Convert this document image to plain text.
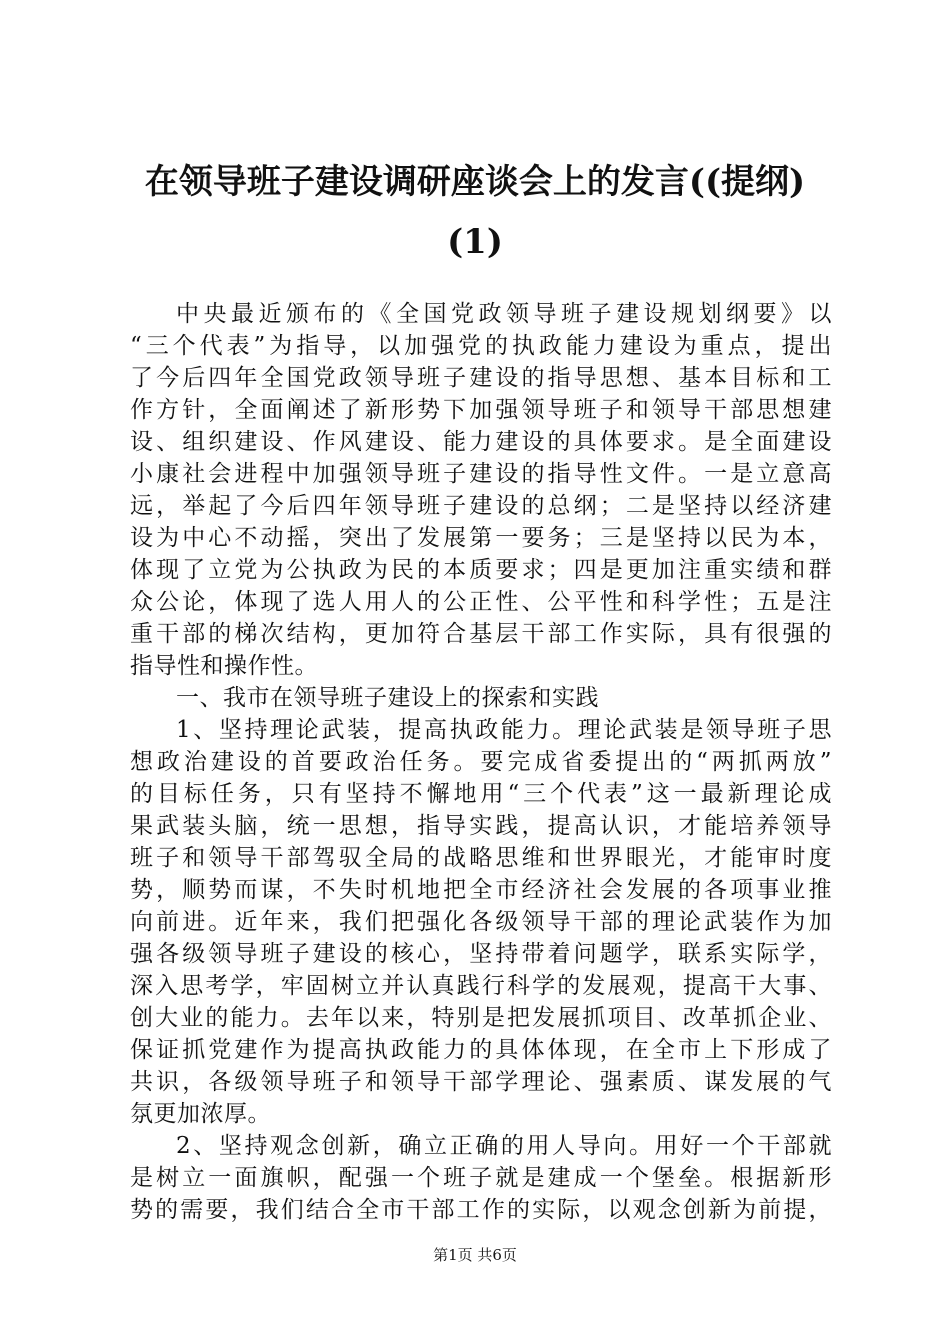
在领导班子建设调研座谈会上的发言((提纲)
(1)
中央最近颁布的《全国党政领导班子建设规划纲要》以
“三个代表”为指导，以加强党的执政能力建设为重点，提出
了今后四年全国党政领导班子建设的指导思想、基本目标和工
作方针，全面阐述了新形势下加强领导班子和领导干部思想建
设、组织建设、作风建设、能力建设的具体要求。是全面建设
小康社会进程中加强领导班子建设的指导性文件。一是立意高
远，举起了今后四年领导班子建设的总纲；二是坚持以经济建
设为中心不动摇，突出了发展第一要务；三是坚持以民为本，
体现了立党为公执政为民的本质要求；四是更加注重实绩和群
众公论，体现了选人用人的公正性、公平性和科学性；五是注
重干部的梯次结构，更加符合基层干部工作实际，具有很强的
指导性和操作性。
一、我市在领导班子建设上的探索和实践
1、坚持理论武装，提高执政能力。理论武装是领导班子思
想政治建设的首要政治任务。要完成省委提出的“两抓两放”
的目标任务，只有坚持不懈地用“三个代表”这一最新理论成
果武装头脑，统一思想，指导实践，提高认识，才能培养领导
班子和领导干部驾驭全局的战略思维和世界眼光，才能审时度
势，顺势而谋，不失时机地把全市经济社会发展的各项事业推
向前进。近年来，我们把强化各级领导干部的理论武装作为加
强各级领导班子建设的核心，坚持带着问题学，联系实际学，
深入思考学，牢固树立并认真践行科学的发展观，提高干大事、
创大业的能力。去年以来，特别是把发展抓项目、改革抓企业、
保证抓党建作为提高执政能力的具体体现，在全市上下形成了
共识，各级领导班子和领导干部学理论、强素质、谋发展的气
氛更加浓厚。
2、坚持观念创新，确立正确的用人导向。用好一个干部就
是树立一面旗帜，配强一个班子就是建成一个堡垒。根据新形
势的需要，我们结合全市干部工作的实际，以观念创新为前提，
第1页 共6页
